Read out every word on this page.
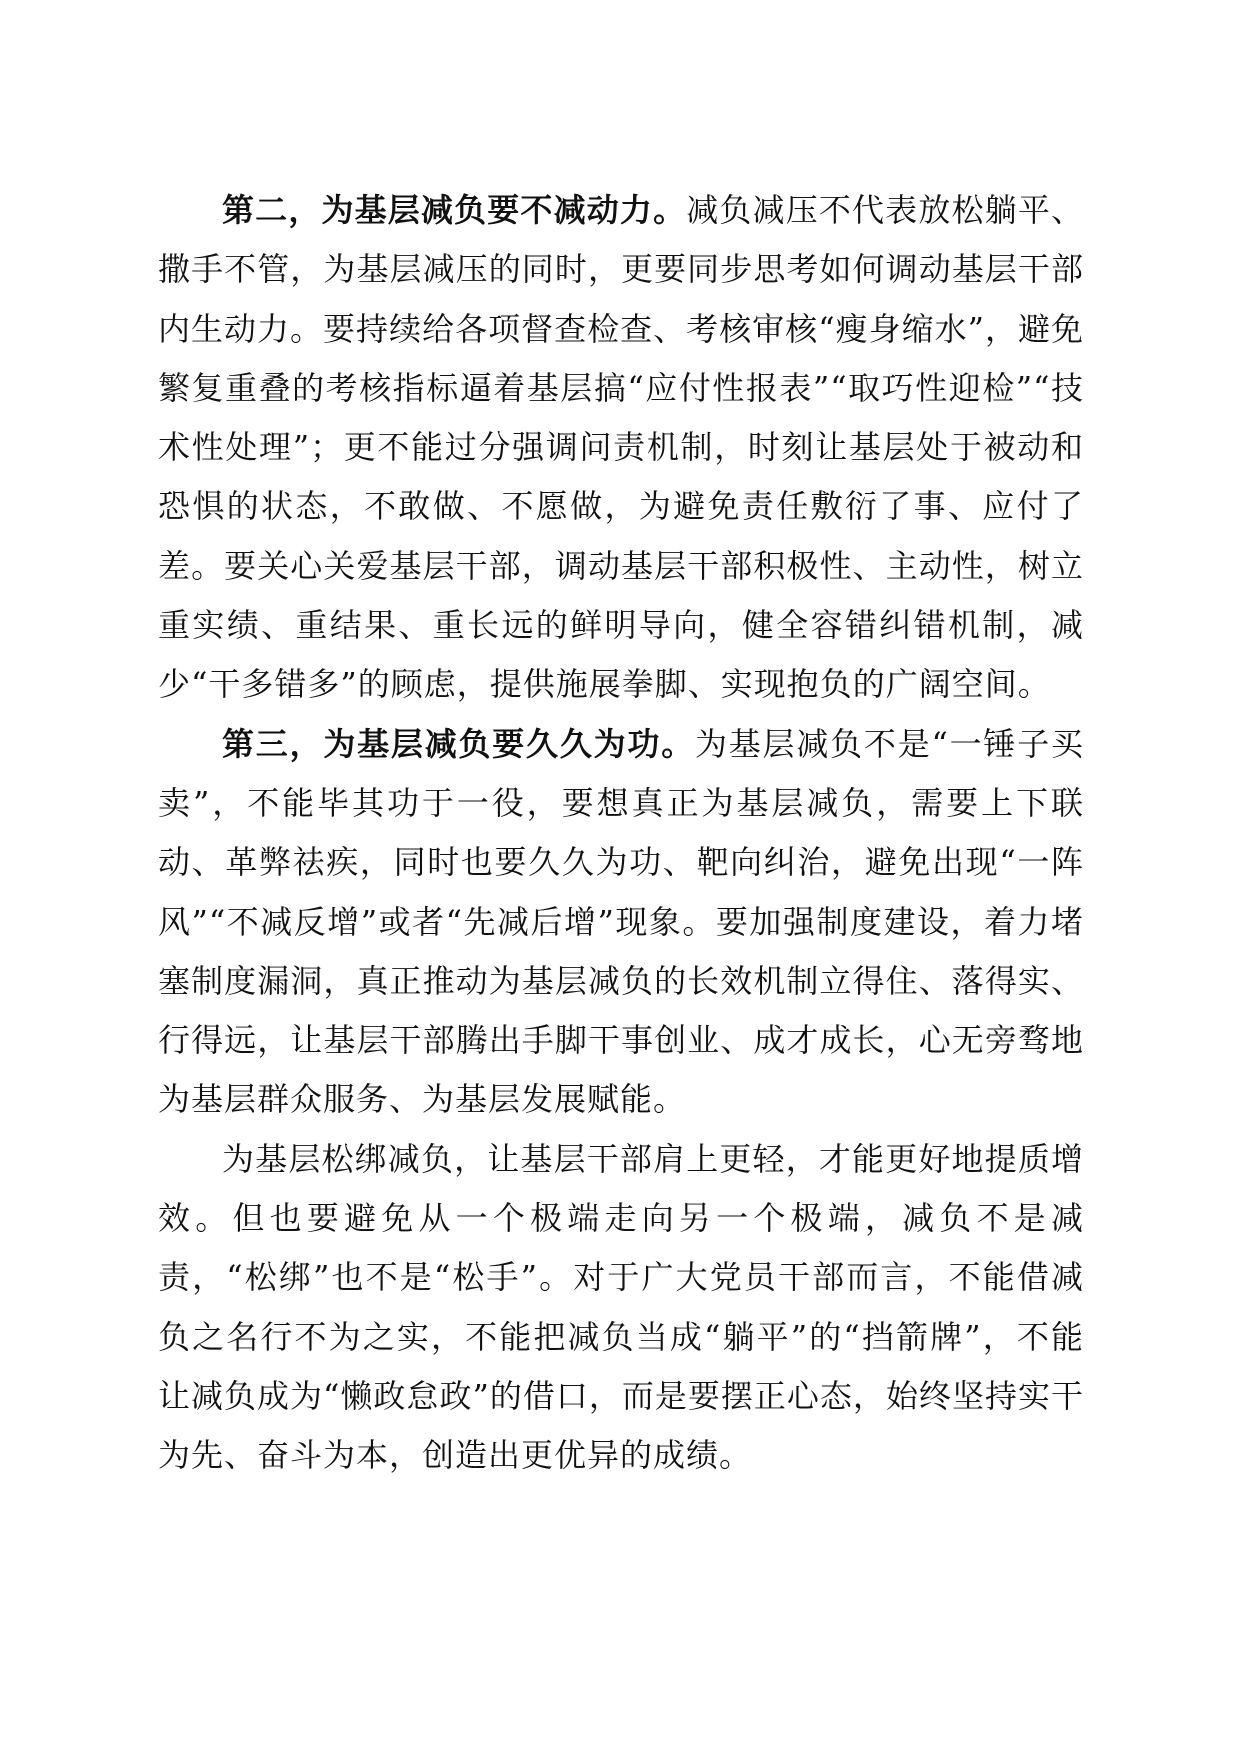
第二，为基层减负要不减动力。减负减压不代表放松躺平、撒手不管，为基层减压的同时，更要同步思考如何调动基层干部内生动力。要持续给各项督查检查、考核审核“瘦身缩水”，避免繁复重叠的考核指标逼着基层搞“应付性报表”“取巧性迎检”“技术性处理”；更不能过分强调问责机制，时刻让基层处于被动和恐惧的状态，不敢做、不愿做，为避免责任敷衍了事、应付了差。要关心关爱基层干部，调动基层干部积极性、主动性，树立重实绩、重结果、重长远的鲜明导向，健全容错纠错机制，减少“干多错多”的顾虑，提供施展拳脚、实现抱负的广阔空间。

第三，为基层减负要久久为功。为基层减负不是“一锤子买卖”，不能毕其功于一役，要想真正为基层减负，需要上下联动、革弊祛疾，同时也要久久为功、靶向纠治，避免出现“一阵风”“不减反增”或者“先减后增”现象。要加强制度建设，着力堵塞制度漏洞，真正推动为基层减负的长效机制立得住、落得实、行得远，让基层干部腾出手脚干事创业、成才成长，心无旁骛地为基层群众服务、为基层发展赋能。

为基层松绑减负，让基层干部肩上更轻，才能更好地提质增效。但也要避免从一个极端走向另一个极端，减负不是减责，“松绑”也不是“松手”。对于广大党员干部而言，不能借减负之名行不为之实，不能把减负当成“躺平”的“挡箭牌”，不能让减负成为“懒政怠政”的借口，而是要摆正心态，始终坚持实干为先、奋斗为本，创造出更优异的成绩。
